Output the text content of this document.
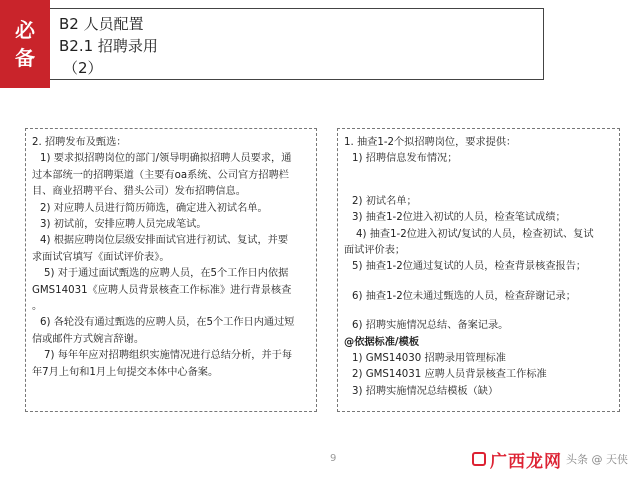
必
备
B2 人员配置
B2.1 招聘录用
（2）

2. 招聘发布及甄选：

1) 要求拟招聘岗位的部门/领导明确拟招聘人员要求，通

过本部统一的招聘渠道（主要有oa系统、公司官方招聘栏

目、商业招聘平台、猎头公司）发布招聘信息。

2) 对应聘人员进行简历筛选，确定进入初试名单。

3) 初试前，安排应聘人员完成笔试。

4) 根据应聘岗位层级安排面试官进行初试、复试，并要

求面试官填写《面试评价表》。

5) 对于通过面试甄选的应聘人员，在5个工作日内依据

GMS14031《应聘人员背景核查工作标准》进行背景核查

。

6) 各轮没有通过甄选的应聘人员，在5个工作日内通过短

信或邮件方式婉言辞谢。

7) 每年年应对招聘组织实施情况进行总结分析，并于每

年7月上旬和1月上旬提交本体中心备案。

1. 抽查1-2个拟招聘岗位，要求提供：

1) 招聘信息发布情况；

2) 初试名单；

3) 抽查1-2位进入初试的人员，检查笔试成绩；

4) 抽查1-2位进入初试/复试的人员，检查初试、复试

面试评价表；

5) 抽查1-2位通过复试的人员，检查背景核查报告；

6) 抽查1-2位未通过甄选的人员，检查辞谢记录；

6) 招聘实施情况总结、备案记录。

@依据标准/模板

1) GMS14030 招聘录用管理标准

2) GMS14031 应聘人员背景核查工作标准

3) 招聘实施情况总结模板（缺）

9	广西龙网 头条 @ 天侠
